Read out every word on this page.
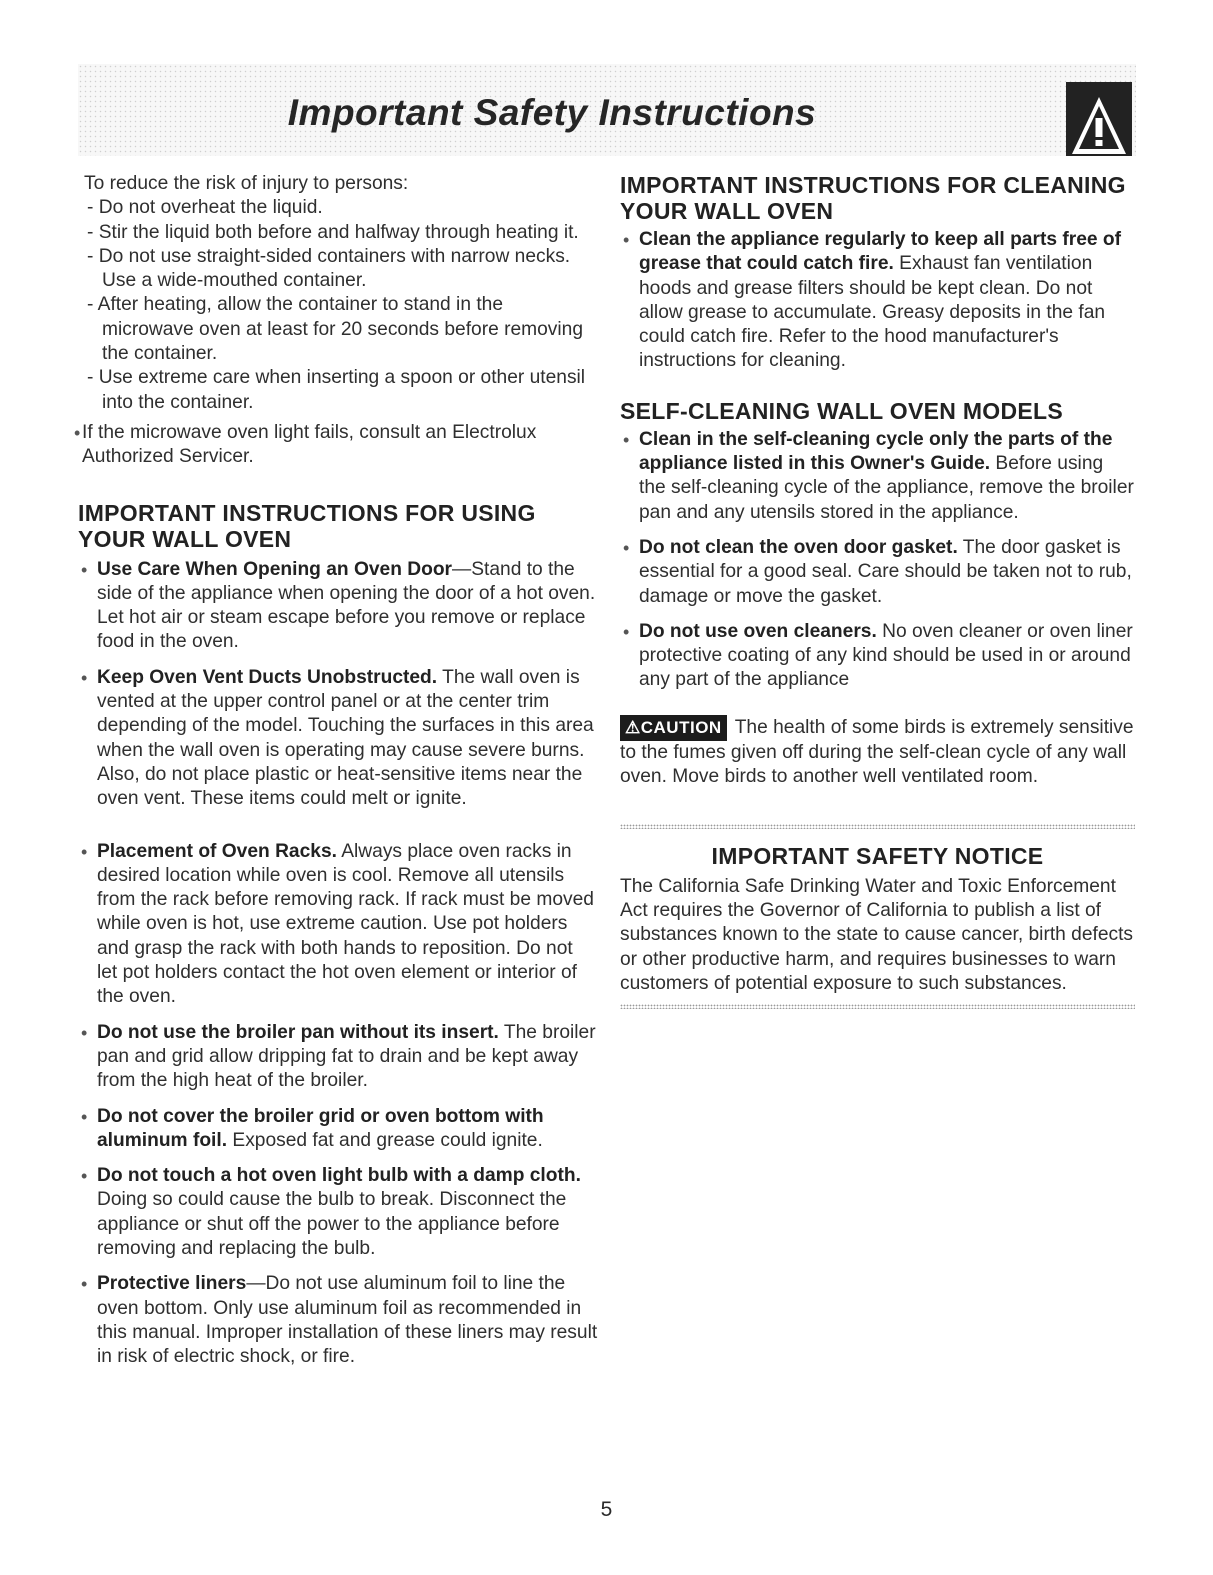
Important Safety Instructions

To reduce the risk of injury to persons:

- Do not overheat the liquid.

- Stir the liquid both before and halfway through heating it.

- Do not use straight-sided containers with narrow necks. Use a wide-mouthed container.

- After heating, allow the container to stand in the microwave oven at least for 20 seconds before removing the container.

- Use extreme care when inserting a spoon or other utensil into the container.

• If the microwave oven light fails, consult an Electrolux Authorized Servicer.

IMPORTANT INSTRUCTIONS FOR USING YOUR WALL OVEN

• Use Care When Opening an Oven Door—Stand to the side of the appliance when opening the door of a hot oven. Let hot air or steam escape before you remove or replace food in the oven.

• Keep Oven Vent Ducts Unobstructed. The wall oven is vented at the upper control panel or at the center trim depending of the model. Touching the surfaces in this area when the wall oven is operating may cause severe burns. Also, do not place plastic or heat-sensitive items near the oven vent. These items could melt or ignite.

• Placement of Oven Racks. Always place oven racks in desired location while oven is cool. Remove all utensils from the rack before removing rack. If rack must be moved while oven is hot, use extreme caution. Use pot holders and grasp the rack with both hands to reposition. Do not let pot holders contact the hot oven element or interior of the oven.

• Do not use the broiler pan without its insert. The broiler pan and grid allow dripping fat to drain and be kept away from the high heat of the broiler.

• Do not cover the broiler grid or oven bottom with aluminum foil. Exposed fat and grease could ignite.

• Do not touch a hot oven light bulb with a damp cloth. Doing so could cause the bulb to break. Disconnect the appliance or shut off the power to the appliance before removing and replacing the bulb.

• Protective liners—Do not use aluminum foil to line the oven bottom. Only use aluminum foil as recommended in this manual. Improper installation of these liners may result in risk of electric shock, or fire.

IMPORTANT INSTRUCTIONS FOR CLEANING YOUR WALL OVEN

• Clean the appliance regularly to keep all parts free of grease that could catch fire. Exhaust fan ventilation hoods and grease filters should be kept clean. Do not allow grease to accumulate. Greasy deposits in the fan could catch fire. Refer to the hood manufacturer's instructions for cleaning.

SELF-CLEANING WALL OVEN MODELS

• Clean in the self-cleaning cycle only the parts of the appliance listed in this Owner's Guide. Before using the self-cleaning cycle of the appliance, remove the broiler pan and any utensils stored in the appliance.

• Do not clean the oven door gasket. The door gasket is essential for a good seal. Care should be taken not to rub, damage or move the gasket.

• Do not use oven cleaners. No oven cleaner or oven liner protective coating of any kind should be used in or around any part of the appliance

⚠CAUTION The health of some birds is extremely sensitive to the fumes given off during the self-clean cycle of any wall oven. Move birds to another well ventilated room.

IMPORTANT SAFETY NOTICE

The California Safe Drinking Water and Toxic Enforcement Act requires the Governor of California to publish a list of substances known to the state to cause cancer, birth defects or other productive harm, and requires businesses to warn customers of potential exposure to such substances.

5
